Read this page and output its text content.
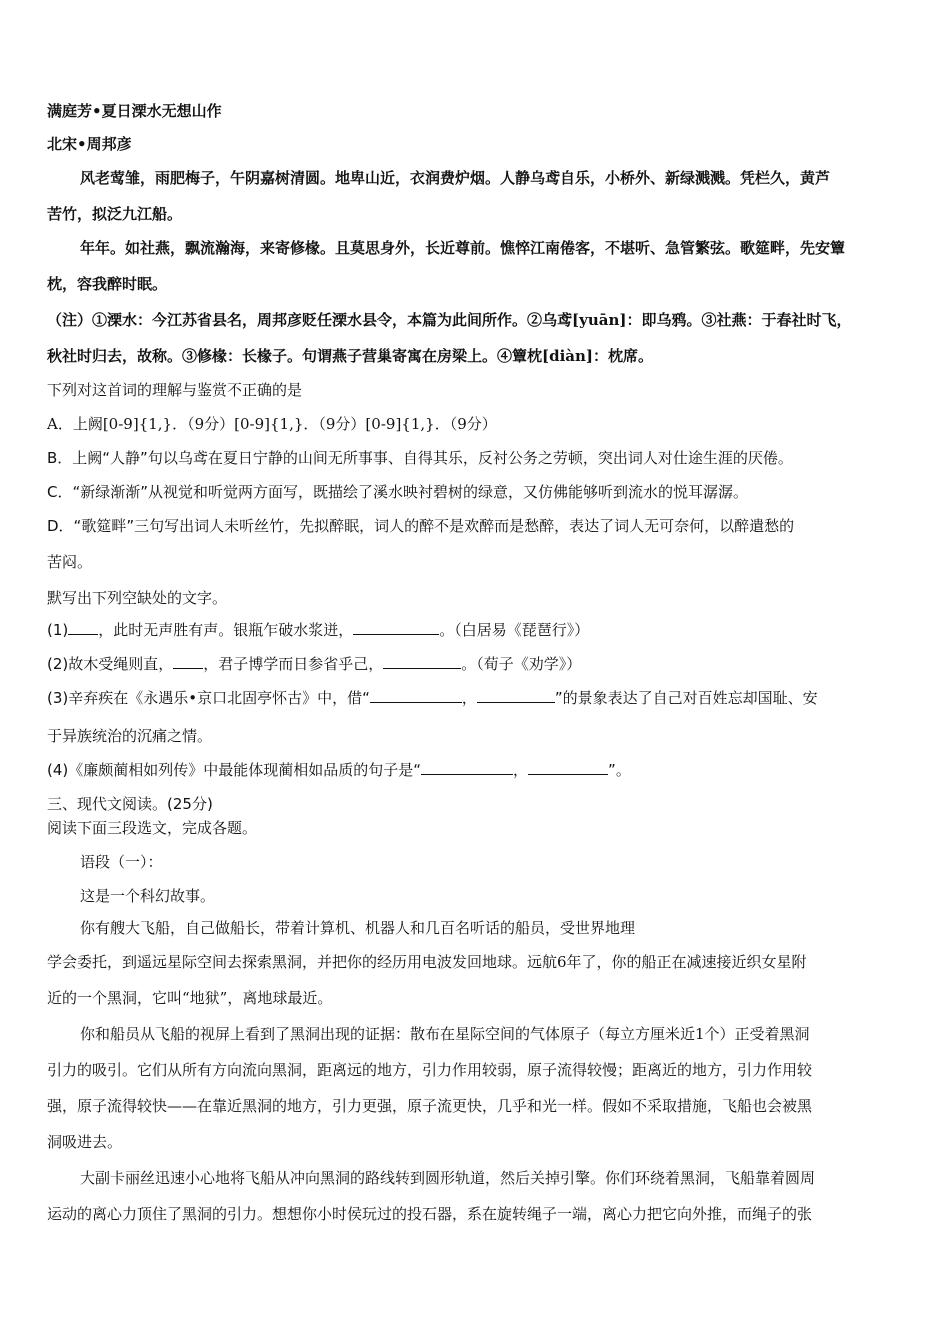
满庭芳•夏日溧水无想山作
北宋•周邦彦
风老莺雏，雨肥梅子，午阴嘉树清圆。地卑山近，衣润费炉烟。人静乌鸢自乐，小桥外、新绿溅溅。凭栏久，黄芦
苦竹，拟泛九江船。
年年。如社燕，飘流瀚海，来寄修椽。且莫思身外，长近尊前。憔悴江南倦客，不堪听、急管繁弦。歌筵畔，先安簟
枕，容我醉时眠。
（注）①溧水：今江苏省县名，周邦彦贬任溧水县令，本篇为此间所作。②乌鸢[yuān]：即乌鸦。③社燕：于春社时飞，
秋社时归去，故称。③修椽：长椽子。句谓燕子营巢寄寓在房梁上。④簟枕[diàn]：枕席。
下列对这首词的理解与鉴赏不正确的是
A．上阙[0-9]{1,}．（9分）[0-9]{1,}．（9分）[0-9]{1,}．（9分）
B．上阙“人静”句以乌鸢在夏日宁静的山间无所事事、自得其乐，反衬公务之劳顿，突出词人对仕途生涯的厌倦。
C．“新绿渐渐”从视觉和听觉两方面写，既描绘了溪水映衬碧树的绿意，又仿佛能够听到流水的悦耳潺潺。
D．“歌筵畔”三句写出词人未听丝竹，先拟醉眠，词人的醉不是欢醉而是愁醉，表达了词人无可奈何，以醉遣愁的
苦闷。
默写出下列空缺处的文字。
(1) ，此时无声胜有声。银瓶乍破水浆迸，	。（白居易《琵琶行》）
(2)故木受绳则直， ，君子博学而日参省乎己，	。（荀子《劝学》）
(3)辛弃疾在《永遇乐•京口北固亭怀古》中，借“	，	”的景象表达了自己对百姓忘却国耻、安
于异族统治的沉痛之情。
(4)《廉颇蔺相如列传》中最能体现蔺相如品质的句子是“	，	”。
三、现代文阅读。(25分)
阅读下面三段选文，完成各题。
语段（一）：
这是一个科幻故事。
你有艘大飞船，自己做船长，带着计算机、机器人和几百名听话的船员，受世界地理
学会委托，到遥远星际空间去探索黑洞，并把你的经历用电波发回地球。远航6年了，你的船正在减速接近织女星附
近的一个黑洞，它叫“地狱”，离地球最近。
你和船员从飞船的视屏上看到了黑洞出现的证据：散布在星际空间的气体原子（每立方厘米近1个）正受着黑洞
引力的吸引。它们从所有方向流向黑洞，距离远的地方，引力作用较弱，原子流得较慢；距离近的地方，引力作用较
强，原子流得较快——在靠近黑洞的地方，引力更强，原子流更快，几乎和光一样。假如不采取措施，飞船也会被黑
洞吸进去。
大副卡丽丝迅速小心地将飞船从冲向黑洞的路线转到圆形轨道，然后关掉引擎。你们环绕着黑洞，飞船靠着圆周
运动的离心力顶住了黑洞的引力。想想你小时侯玩过的投石器，系在旋转绳子一端，离心力把它向外推，而绳子的张
